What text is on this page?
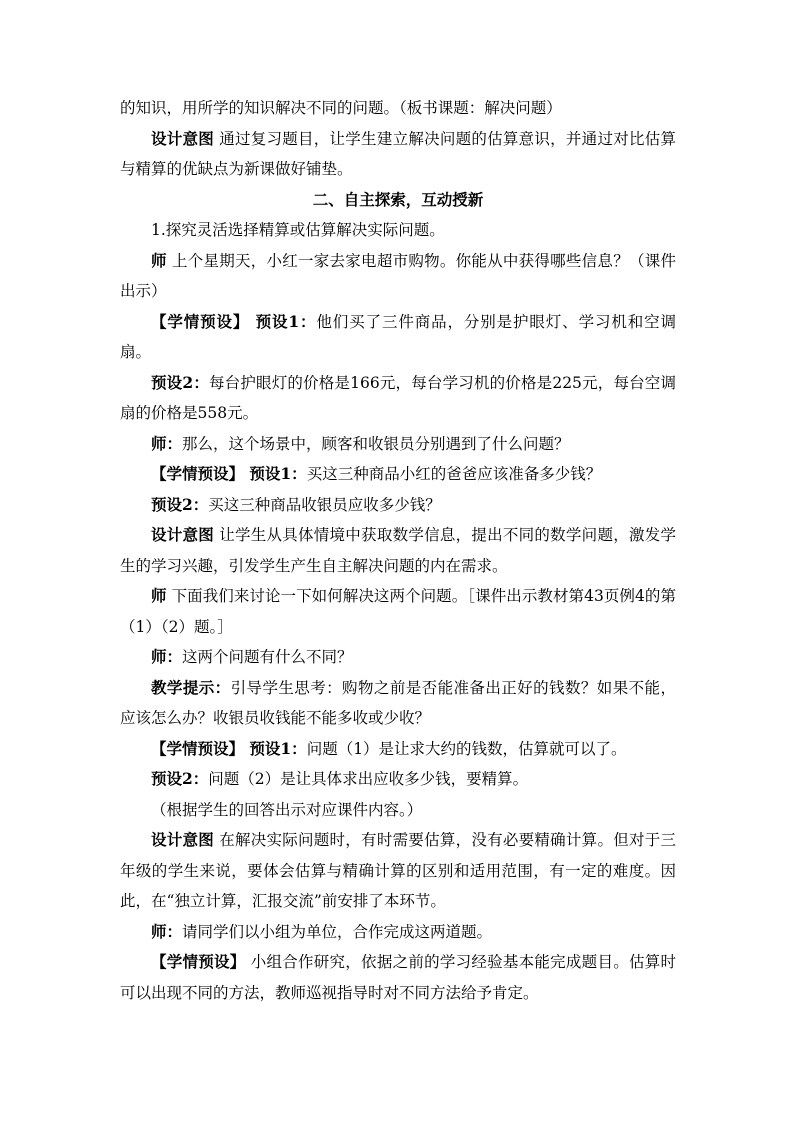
的知识，用所学的知识解决不同的问题。（板书课题：解决问题）

设计意图 通过复习题目，让学生建立解决问题的估算意识，并通过对比估算与精算的优缺点为新课做好铺垫。

二、自主探索，互动授新

1.探究灵活选择精算或估算解决实际问题。

师 上个星期天，小红一家去家电超市购物。你能从中获得哪些信息？（课件出示）

【学情预设】 预设1：他们买了三件商品，分别是护眼灯、学习机和空调扇。

预设2：每台护眼灯的价格是166元，每台学习机的价格是225元，每台空调扇的价格是558元。

师：那么，这个场景中，顾客和收银员分别遇到了什么问题？

【学情预设】 预设1：买这三种商品小红的爸爸应该准备多少钱？

预设2：买这三种商品收银员应收多少钱？

设计意图 让学生从具体情境中获取数学信息，提出不同的数学问题，激发学生的学习兴趣，引发学生产生自主解决问题的内在需求。

师 下面我们来讨论一下如何解决这两个问题。［课件出示教材第43页例4的第（1）（2）题。］

师：这两个问题有什么不同？

教学提示：引导学生思考：购物之前是否能准备出正好的钱数？如果不能，应该怎么办？收银员收钱能不能多收或少收？

【学情预设】 预设1：问题（1）是让求大约的钱数，估算就可以了。

预设2：问题（2）是让具体求出应收多少钱，要精算。

（根据学生的回答出示对应课件内容。）

设计意图 在解决实际问题时，有时需要估算，没有必要精确计算。但对于三年级的学生来说，要体会估算与精确计算的区别和适用范围，有一定的难度。因此，在“独立计算，汇报交流”前安排了本环节。

师：请同学们以小组为单位，合作完成这两道题。

【学情预设】 小组合作研究，依据之前的学习经验基本能完成题目。估算时可以出现不同的方法，教师巡视指导时对不同方法给予肯定。
